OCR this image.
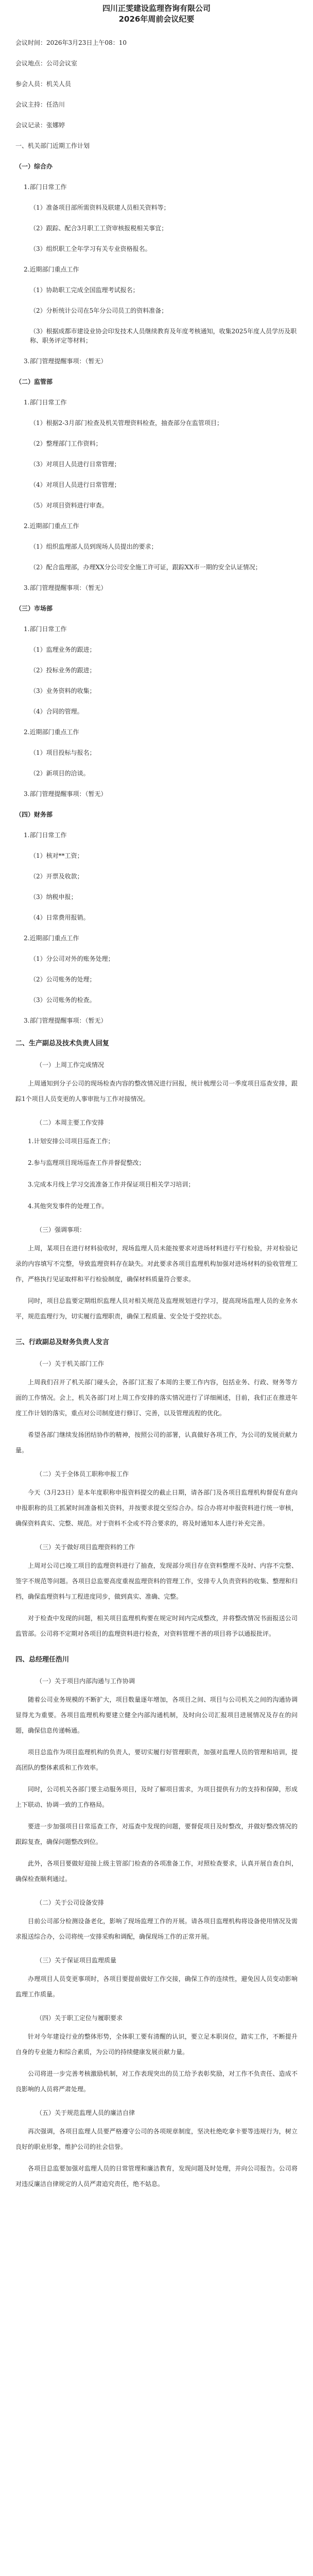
四川正雯建设监理咨询有限公司
2026年周前会议纪要
会议时间：2026年3月23日上午08：10
会议地点：公司会议室
参会人员：机关人员
会议主持：任浩川
会议记录：张娜婷
一、机关部门近期工作计划
（一）综合办
1.部门日常工作
（1）准备项目部所需资料及联建人员相关资料等；
（2）跟踪、配合3月职工工资审核报税相关事宜；
（3）组织职工全年学习有关专业资格报名。
2.近期部门重点工作
（1）协助职工完成全国监理考试报名；
（2）分析统计公司在5年分公司员工的资料准备；
（3）根据成都市建设业协会印发技术人员继续教育及年度考核通知，收集2025年度人员学历及职称、职务评定等材料；
3.部门管理提醒事项：（暂无）
（二）监管部
1.部门日常工作
（1）根据2-3月部门检查及机关管理资料检查，抽查部分在监管项目；
（2）整理部门工作资料；
（3）对项目人员进行日常管理；
（4）对项目人员进行日常管理；
（5）对项目资料进行审查。
2.近期部门重点工作
（1）组织监理部人员到现场人员提出的要求；
（2）配合监理部，办理XX分公司安全施工许可证，跟踪XX市一期的安全认证情况；
3.部门管理提醒事项：（暂无）
（三）市场部
1.部门日常工作
（1）监理业务的跟进；
（2）投标业务的跟进；
（3）业务资料的收集；
（4）合同的管理。
2.近期部门重点工作
（1）项目投标与报名；
（2）新项目的洽谈。
3.部门管理提醒事项：（暂无）
（四）财务部
1.部门日常工作
（1）核对**工资；
（2）开票及收款；
（3）纳税申报；
（4）日常费用报销。
2.近期部门重点工作
（1）分公司对外的账务处理；
（2）公司账务的处理；
（3）公司账务的检查。
3.部门管理提醒事项：（暂无）
二、生产副总及技术负责人回复
（一）上周工作完成情况

上周通知到分子公司的现场检查内容的整改情况进行回报，统计梳理公司一季度项目巡查安排，跟踪1个项目人员变更的人事审批与工作对接情况。

（二）本周主要工作安排

1.计划安排公司项目巡查工作；

2.参与监理项目现场巡查工作并督促整改；

3.完成本月线上学习交流准备工作并保证项目相关学习培训；

4.其他突发事件的处理工作。

（三）强调事项：

上周，某项目在进行材料验收时，现场监理人员未能按要求对进场材料进行平行检验，并对检验记录的内容填写不完整，导致监理资料存在缺失。对此要求各项目监理机构加强对进场材料的验收管理工作，严格执行见证取样和平行检验制度，确保材料质量符合要求。

同时，项目总监要定期组织监理人员对相关规范及监理规划进行学习，提高现场监理人员的业务水平，规范监理行为，切实履行监理职责，确保工程质量、安全处于受控状态。

三、行政副总及财务负责人发言
（一）关于机关部门工作

上周我们召开了机关部门碰头会，各部门汇报了本周的主要工作内容，包括业务、行政、财务等方面的工作情况。会上，机关各部门对上周工作安排的落实情况进行了详细阐述，目前，我们正在推进年度工作计划的落实，重点对公司制度进行修订、完善，以及管理流程的优化。

希望各部门继续发扬团结协作的精神，按照公司的部署，认真做好各项工作，为公司的发展贡献力量。

（二）关于全体员工职称申报工作

今天（3月23日）是本年度职称申报资料提交的截止日期，请各部门及各项目监理机构督促有意向申报职称的员工抓紧时间准备相关资料，并按要求提交至综合办。综合办将对申报资料进行统一审核，确保资料真实、完整、规范。对于资料不全或不符合要求的，将及时通知本人进行补充完善。

（三）关于做好项目监理资料的工作

上周对公司已竣工项目的监理资料进行了抽查，发现部分项目存在资料整理不及时、内容不完整、签字不规范等问题。各项目总监要高度重视监理资料的管理工作，安排专人负责资料的收集、整理和归档，确保监理资料与工程进度同步，做到真实、准确、完整。

对于检查中发现的问题，相关项目监理机构要在规定时间内完成整改，并将整改情况书面报送公司监管部。公司将不定期对各项目的监理资料进行检查，对资料管理不善的项目将予以通报批评。

四、总经理任浩川
（一）关于项目内部沟通与工作协调

随着公司业务规模的不断扩大，项目数量逐年增加，各项目之间、项目与公司机关之间的沟通协调显得尤为重要。各项目监理机构要建立健全内部沟通机制，及时向公司汇报项目进展情况及存在的问题，确保信息传递畅通。

项目总监作为项目监理机构的负责人，要切实履行好管理职责，加强对监理人员的管理和培训，提高团队的整体素质和工作效率。

同时，公司机关各部门要主动服务项目，及时了解项目需求，为项目提供有力的支持和保障，形成上下联动、协调一致的工作格局。

要进一步加强项目日常巡查工作，对巡查中发现的问题，要督促项目及时整改，并做好整改情况的跟踪复查，确保问题整改到位。

此外，各项目要做好迎接上级主管部门检查的各项准备工作，对照检查要求，认真开展自查自纠，确保检查顺利通过。

（二）关于公司设备安排

目前公司部分检测设备老化，影响了现场监理工作的开展。请各项目监理机构将设备使用情况及需求报送综合办，公司将统一安排采购和调配，确保现场工作的正常开展。

（三）关于保证项目监理质量

办理项目人员变更事项时，各项目要提前做好工作交接，确保工作的连续性，避免因人员变动影响监理工作质量。

（四）关于职工定位与履职要求

针对今年建设行业的整体形势，全体职工要有清醒的认识，要立足本职岗位，踏实工作，不断提升自身的专业能力和综合素质，为公司的持续健康发展贡献力量。

公司将进一步完善考核激励机制，对工作表现突出的员工给予表彰奖励，对工作不负责任、造成不良影响的人员将严肃处理。

（五）关于规范监理人员的廉洁自律

再次强调，各项目监理人员要严格遵守公司的各项规章制度，坚决杜绝吃拿卡要等违规行为，树立良好的职业形象，维护公司的社会信誉。

各项目总监要加强对监理人员的日常管理和廉洁教育，发现问题及时处理，并向公司报告。公司将对违反廉洁自律规定的人员严肃追究责任，绝不姑息。
